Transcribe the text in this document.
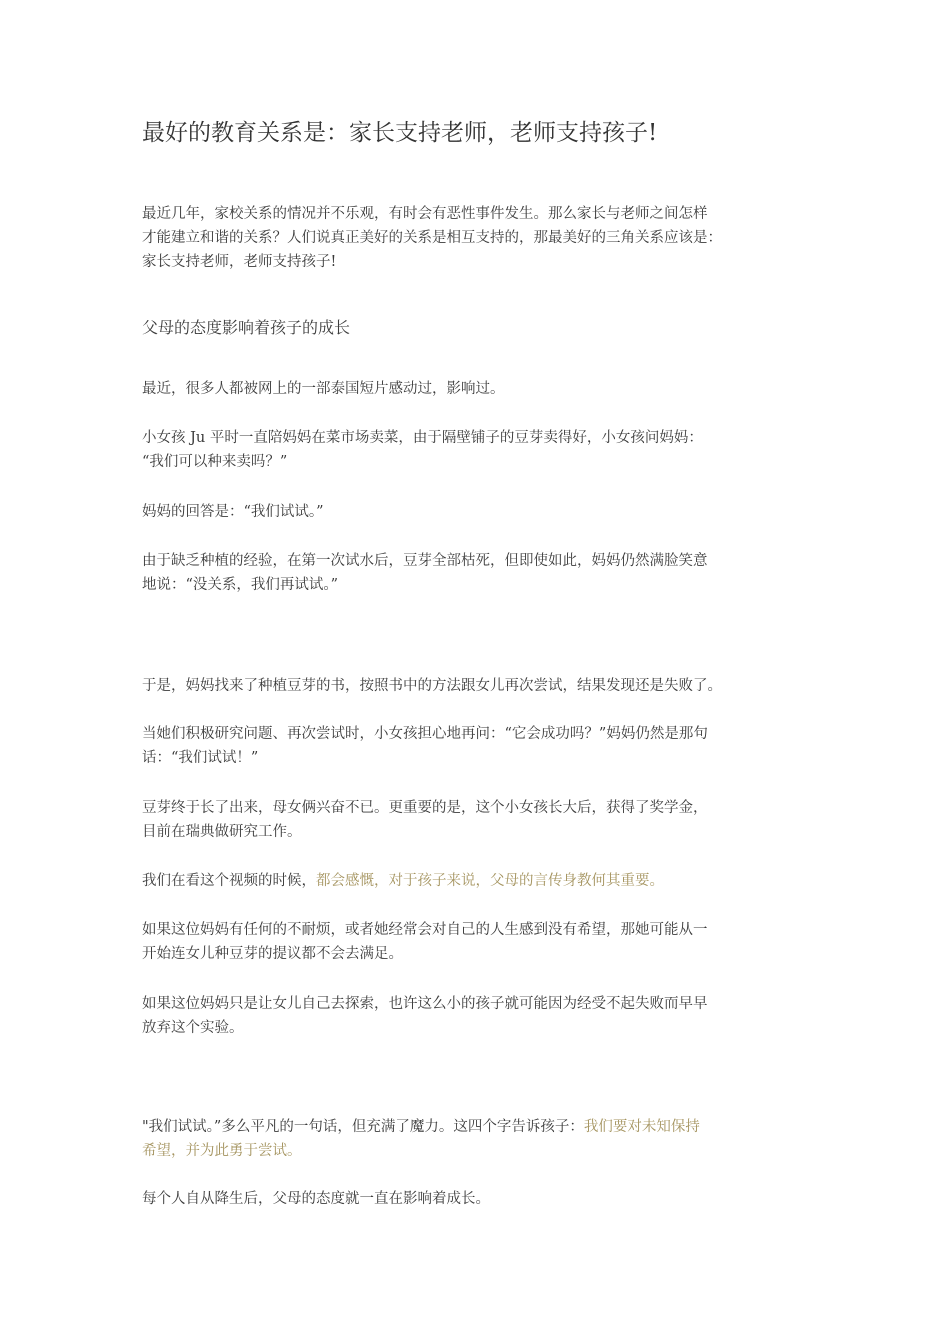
最好的教育关系是：家长支持老师，老师支持孩子!

最近几年，家校关系的情况并不乐观，有时会有恶性事件发生。那么家长与老师之间怎样
才能建立和谐的关系？人们说真正美好的关系是相互支持的，那最美好的三角关系应该是：
家长支持老师，老师支持孩子!

父母的态度影响着孩子的成长

最近，很多人都被网上的一部泰国短片感动过，影响过。

小女孩 Ju 平时一直陪妈妈在菜市场卖菜，由于隔壁铺子的豆芽卖得好，小女孩问妈妈：
“我们可以种来卖吗？”

妈妈的回答是：“我们试试。”

由于缺乏种植的经验，在第一次试水后，豆芽全部枯死，但即使如此，妈妈仍然满脸笑意
地说：“没关系，我们再试试。”

于是，妈妈找来了种植豆芽的书，按照书中的方法跟女儿再次尝试，结果发现还是失败了。

当她们积极研究问题、再次尝试时，小女孩担心地再问：“它会成功吗？”妈妈仍然是那句
话：“我们试试！”

豆芽终于长了出来，母女俩兴奋不已。更重要的是，这个小女孩长大后，获得了奖学金，
目前在瑞典做研究工作。

我们在看这个视频的时候，都会感慨，对于孩子来说，父母的言传身教何其重要。

如果这位妈妈有任何的不耐烦，或者她经常会对自己的人生感到没有希望，那她可能从一
开始连女儿种豆芽的提议都不会去满足。

如果这位妈妈只是让女儿自己去探索，也许这么小的孩子就可能因为经受不起失败而早早
放弃这个实验。

"我们试试。”多么平凡的一句话，但充满了魔力。这四个字告诉孩子：我们要对未知保持
希望，并为此勇于尝试。

每个人自从降生后，父母的态度就一直在影响着成长。
